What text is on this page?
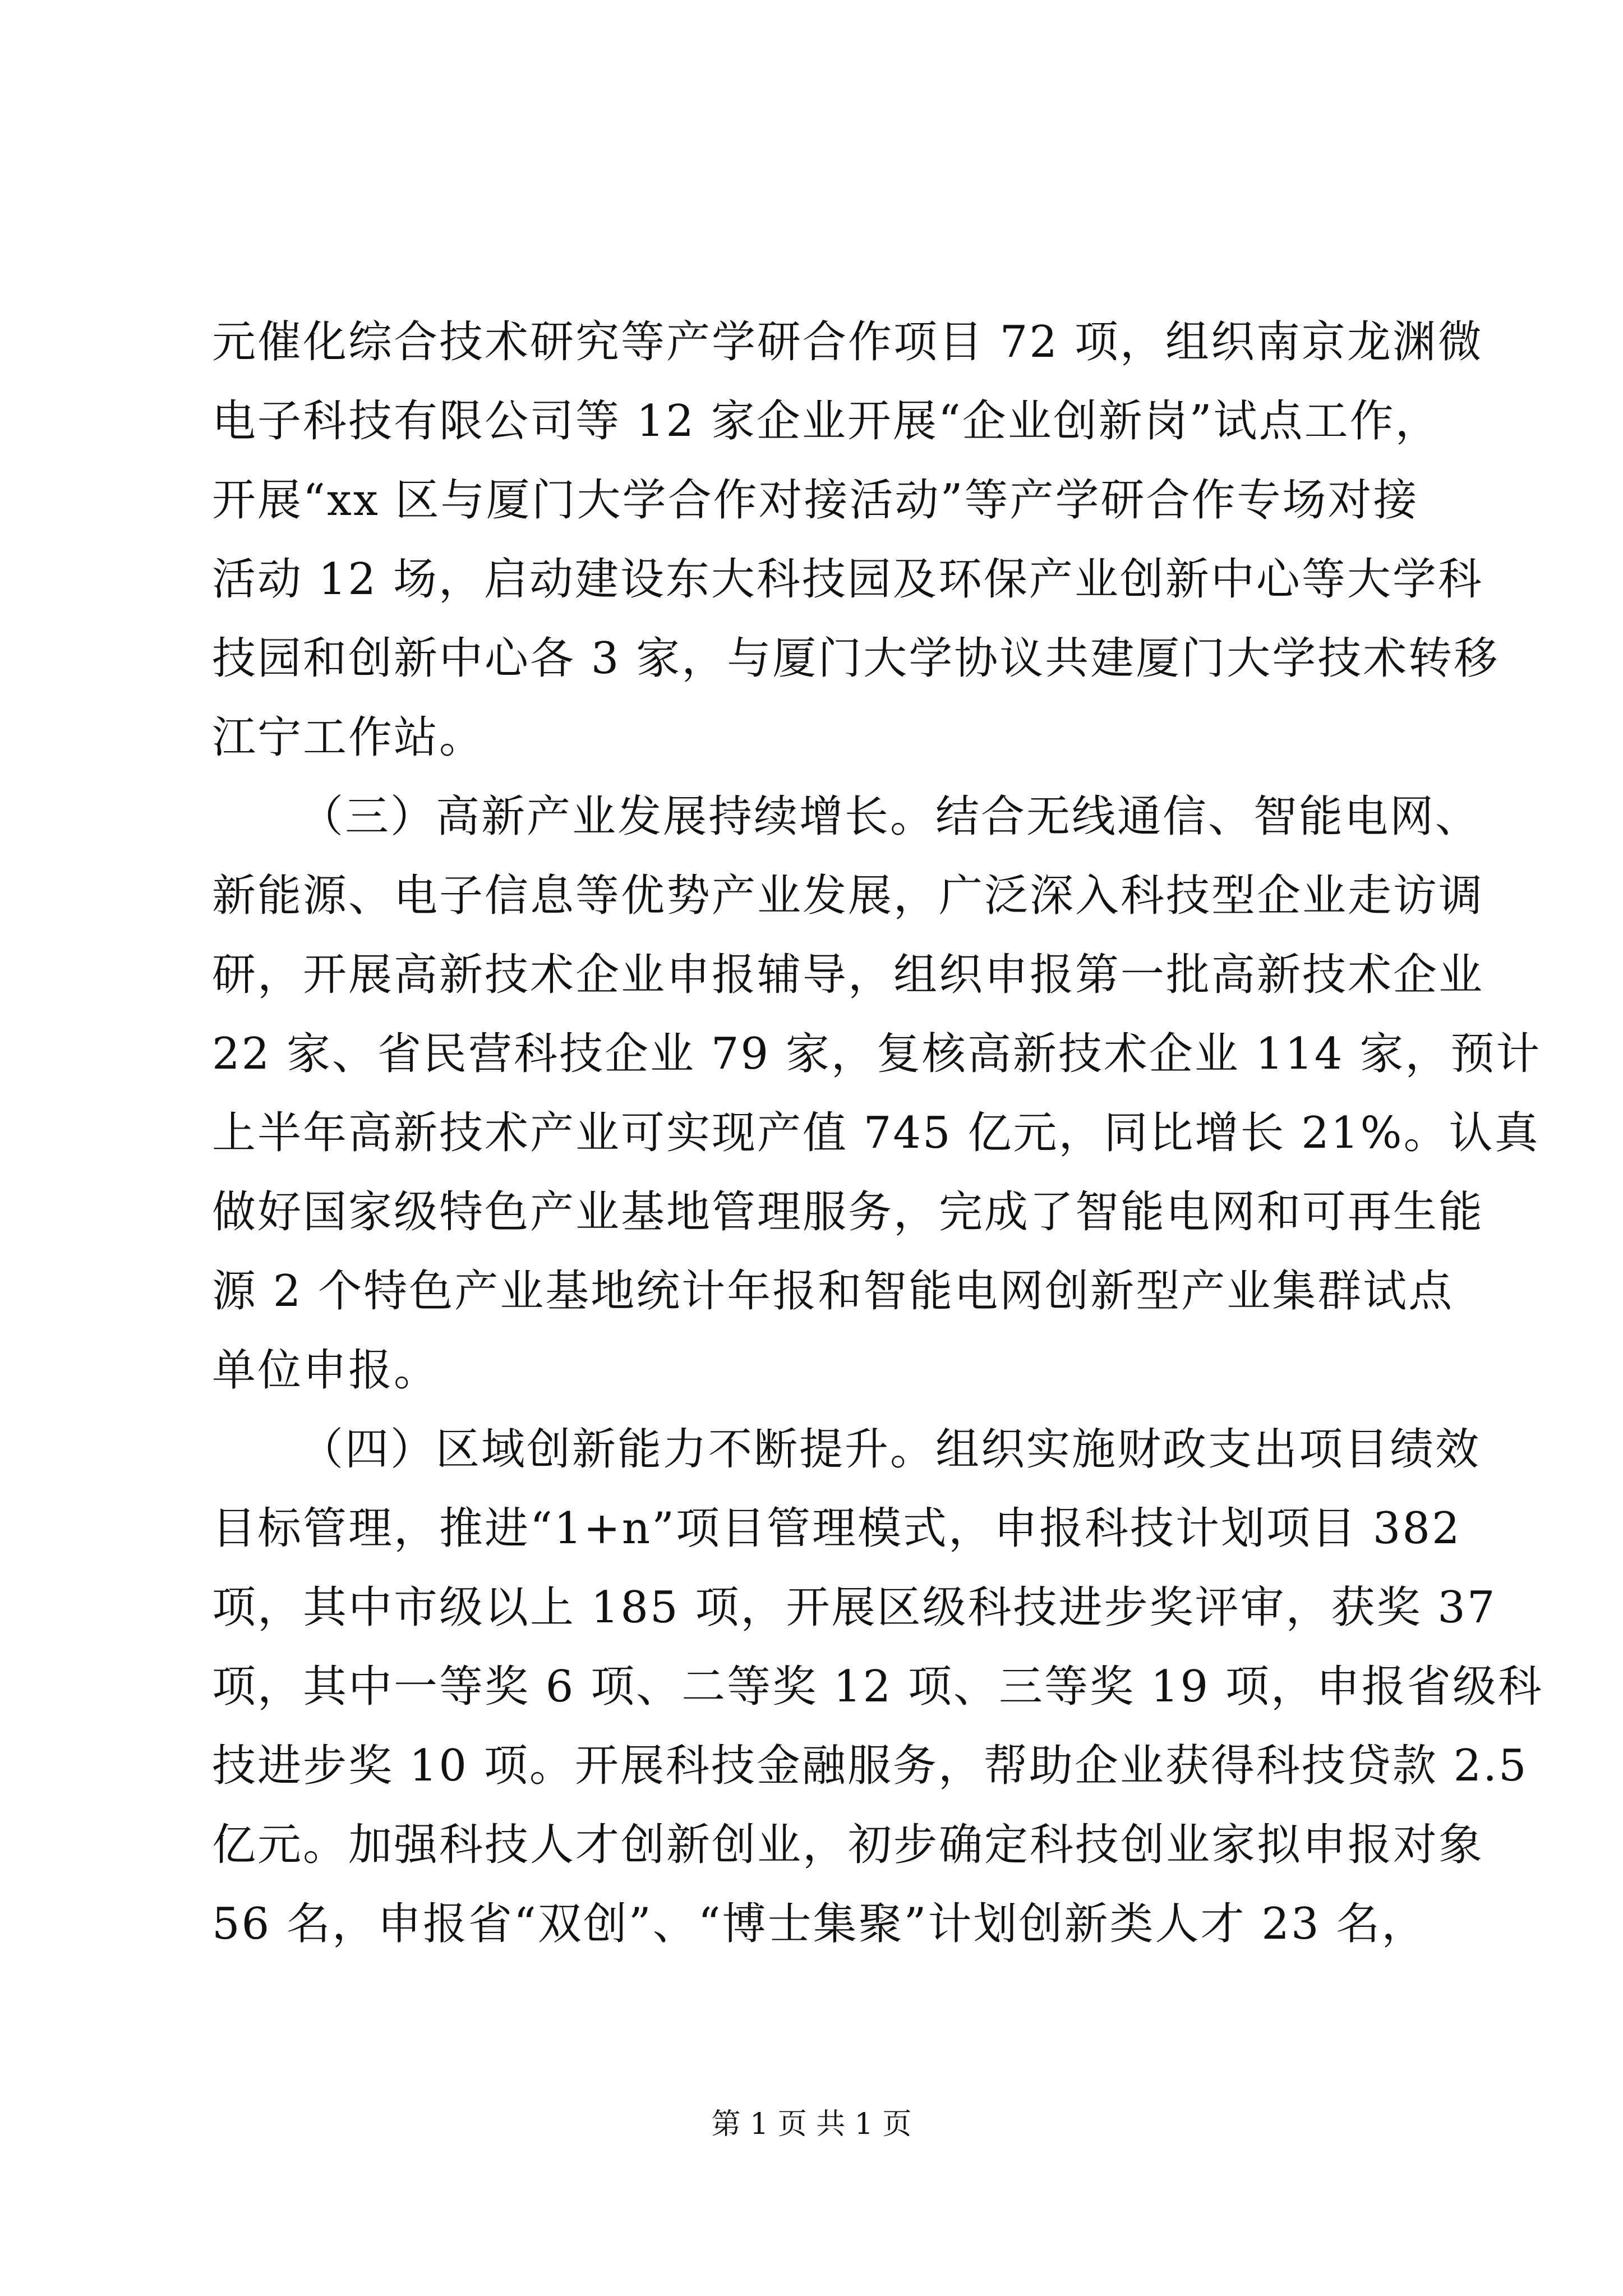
元催化综合技术研究等产学研合作项目 72 项，组织南京龙渊微
电子科技有限公司等 12 家企业开展“企业创新岗”试点工作，
开展“xx 区与厦门大学合作对接活动”等产学研合作专场对接
活动 12 场，启动建设东大科技园及环保产业创新中心等大学科
技园和创新中心各 3 家，与厦门大学协议共建厦门大学技术转移
江宁工作站。
（三）高新产业发展持续增长。结合无线通信、智能电网、
新能源、电子信息等优势产业发展，广泛深入科技型企业走访调
研，开展高新技术企业申报辅导，组织申报第一批高新技术企业
22 家、省民营科技企业 79 家，复核高新技术企业 114 家，预计
上半年高新技术产业可实现产值 745 亿元，同比增长 21%。认真
做好国家级特色产业基地管理服务，完成了智能电网和可再生能
源 2 个特色产业基地统计年报和智能电网创新型产业集群试点
单位申报。
（四）区域创新能力不断提升。组织实施财政支出项目绩效
目标管理，推进“1+n”项目管理模式，申报科技计划项目 382
项，其中市级以上 185 项，开展区级科技进步奖评审，获奖 37
项，其中一等奖 6 项、二等奖 12 项、三等奖 19 项，申报省级科
技进步奖 10 项。开展科技金融服务，帮助企业获得科技贷款 2.5
亿元。加强科技人才创新创业，初步确定科技创业家拟申报对象
56 名，申报省“双创”、“博士集聚”计划创新类人才 23 名，
第 1 页 共 1 页
